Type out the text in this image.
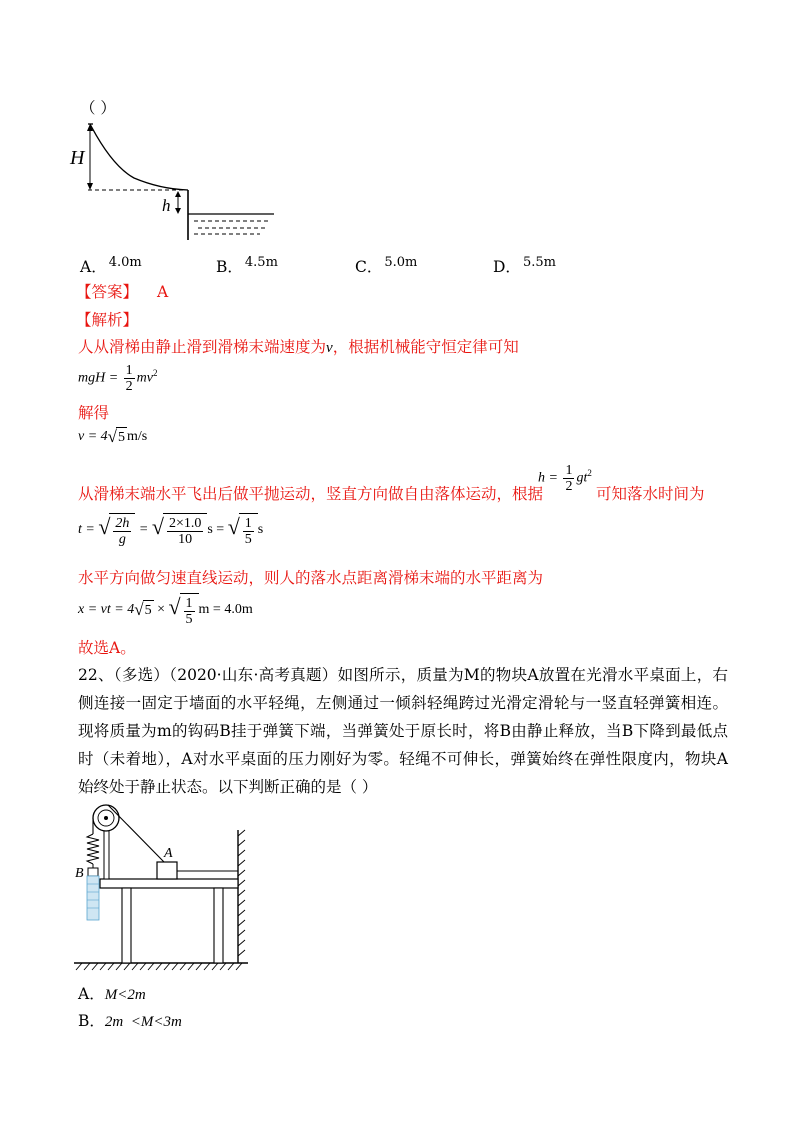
（ ）
H
h
A． $^{4.0m}$	B． $^{4.5m}$	C． $^{5.0m}$	D． $^{5.5m}$
【答案】 A
【解析】
人从滑梯由静止滑到滑梯末端速度为v，根据机械能守恒定律可知
mgH = $\frac{1}{2} mv^2$
解得
v = 4 √ 5 m/s
从滑梯末端水平飞出后做平抛运动，竖直方向做自由落体运动，根据
$h = \frac{1}{2} gt^2$
可知落水时间为
t = √ $\frac{2h}{g}$ = √ $\frac{2\times 1.0}{10}$ s = √ $\frac{1}{5}$ s
水平方向做匀速直线运动，则人的落水点距离滑梯末端的水平距离为
x = vt = 4 √ 5 × √ $\frac{1}{5}$ m = 4.0m
故选A。
22、（多选）（2020·山东·高考真题）如图所示，质量为M的物块A放置在光滑水平桌面上，右侧连接一固定于墙面的水平轻绳，左侧通过一倾斜轻绳跨过光滑定滑轮与一竖直轻弹簧相连。现将质量为m的钩码B挂于弹簧下端，当弹簧处于原长时，将B由静止释放，当B下降到最低点时（未着地），A对水平桌面的压力刚好为零。轻绳不可伸长，弹簧始终在弹性限度内，物块A始终处于静止状态。以下判断正确的是（ ）
A
B
A．M<2m
B．2m  <M<3m
